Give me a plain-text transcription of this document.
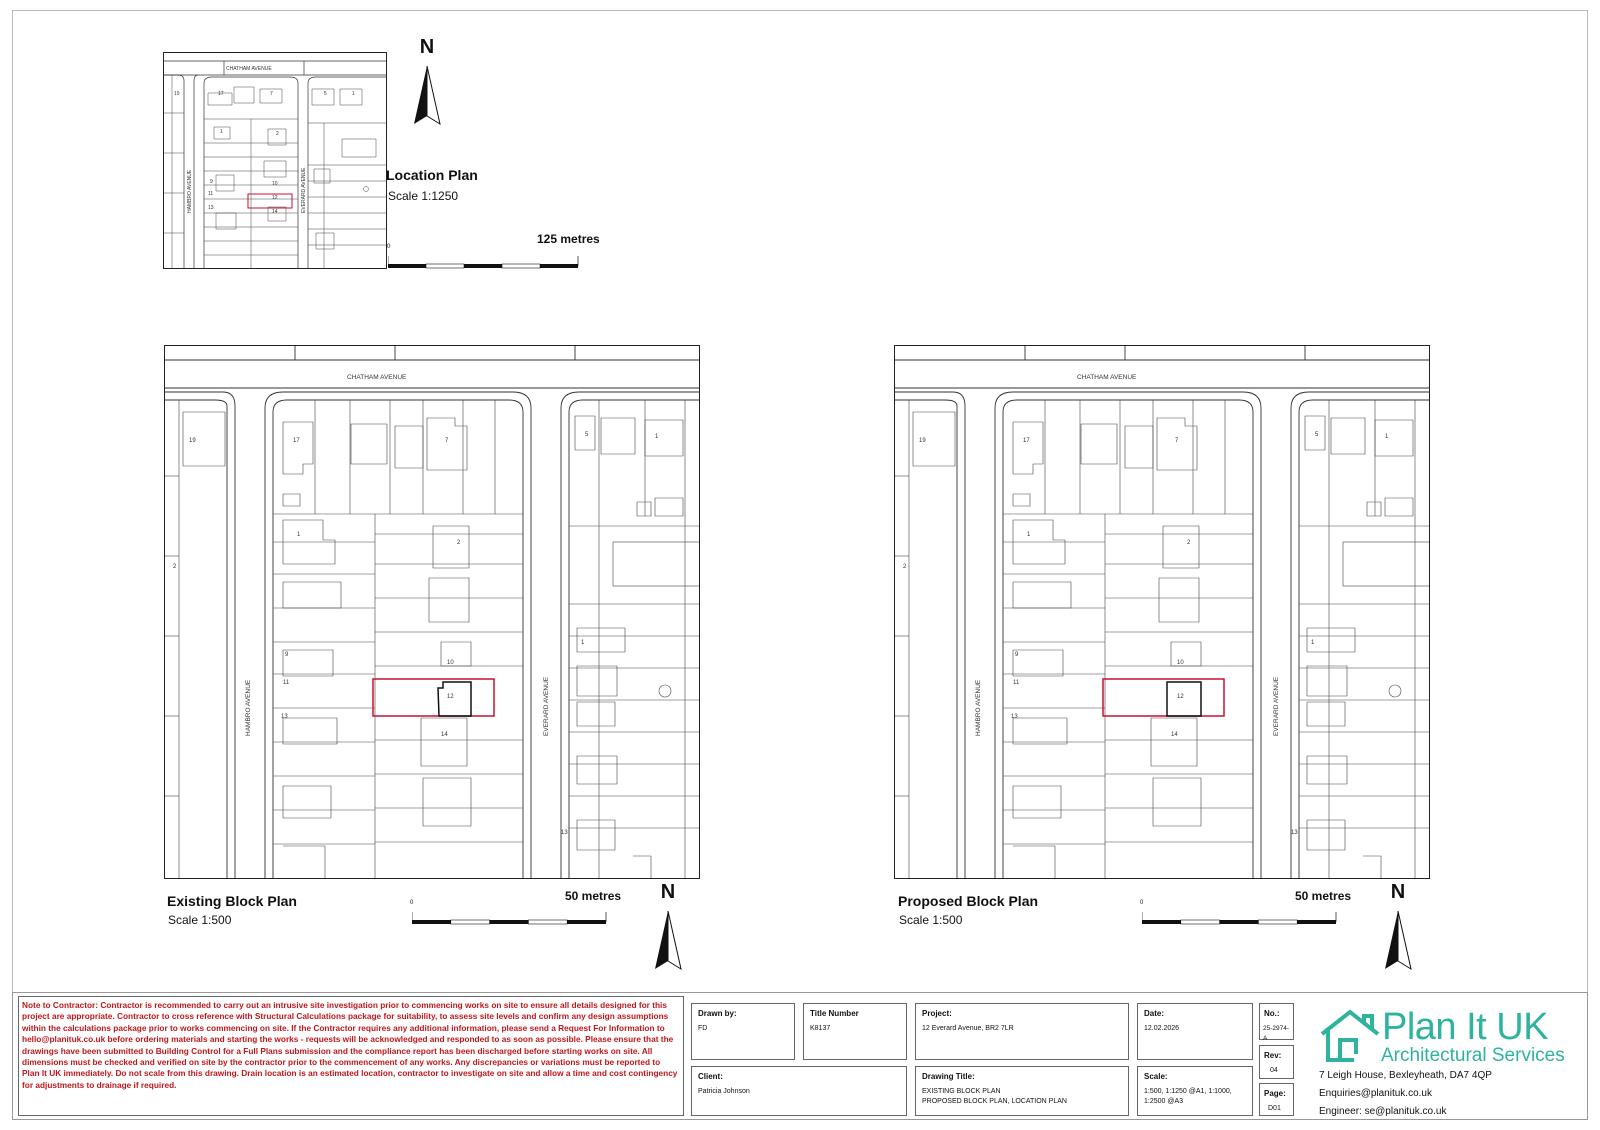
CHATHAM AVENUE
HAMBRO AVENUE	EVERARD AVENUE
19	17	7	5	1
1	2
9	10
11
12
13
14
N
Location Plan
Scale 1:1250
125 metres
0
CHATHAM AVENUE
HAMBRO AVENUE	EVERARD AVENUE
19	17	7
5	1
2
1
2
9
10
11
12
13
14
1
13
Existing Block Plan
Scale 1:500
50 metres
0	N
CHATHAM AVENUE
HAMBRO AVENUE	EVERARD AVENUE
19	17	7
5	1
2
1
2
9
10
11
12
13
14
1
13
Proposed Block Plan
Scale 1:500
50 metres
0	N
Note to Contractor: Contractor is recommended to carry out an intrusive site investigation prior to commencing works on site to ensure all details designed for this project are appropriate. Contractor to cross reference with Structural Calculations package for suitability, to assess site levels and confirm any design assumptions within the calculations package prior to works commencing on site. If the Contractor requires any additional information, please send a Request For Information to hello@planituk.co.uk before ordering materials and starting the works - requests will be acknowledged and responded to as soon as possible. Please ensure that the drawings have been submitted to Building Control for a Full Plans submission and the compliance report has been discharged before starting works on site. All dimensions must be checked and verified on site by the contractor prior to the commencement of any works. Any discrepancies or variations must be reported to Plan It UK immediately. Do not scale from this drawing. Drain location is an estimated location, contractor to investigate on site and allow a time and cost contingency for adjustments to drainage if required.
Drawn by:
FD
Title Number
K8137
Project:
12 Everard Avenue, BR2 7LR
Date:
12.02.2026
No.:
25-2974-A
Rev:
04
Client:
Patricia Johnson
Drawing Title:
EXISTING BLOCK PLAN
PROPOSED BLOCK PLAN, LOCATION PLAN
Scale:
1:500, 1:1250 @A1, 1:1000,
1:2500 @A3
Page:
D01
Plan It UK
Architectural Services
7 Leigh House, Bexleyheath, DA7 4QP
Enquiries@planituk.co.uk
Engineer: se@planituk.co.uk
